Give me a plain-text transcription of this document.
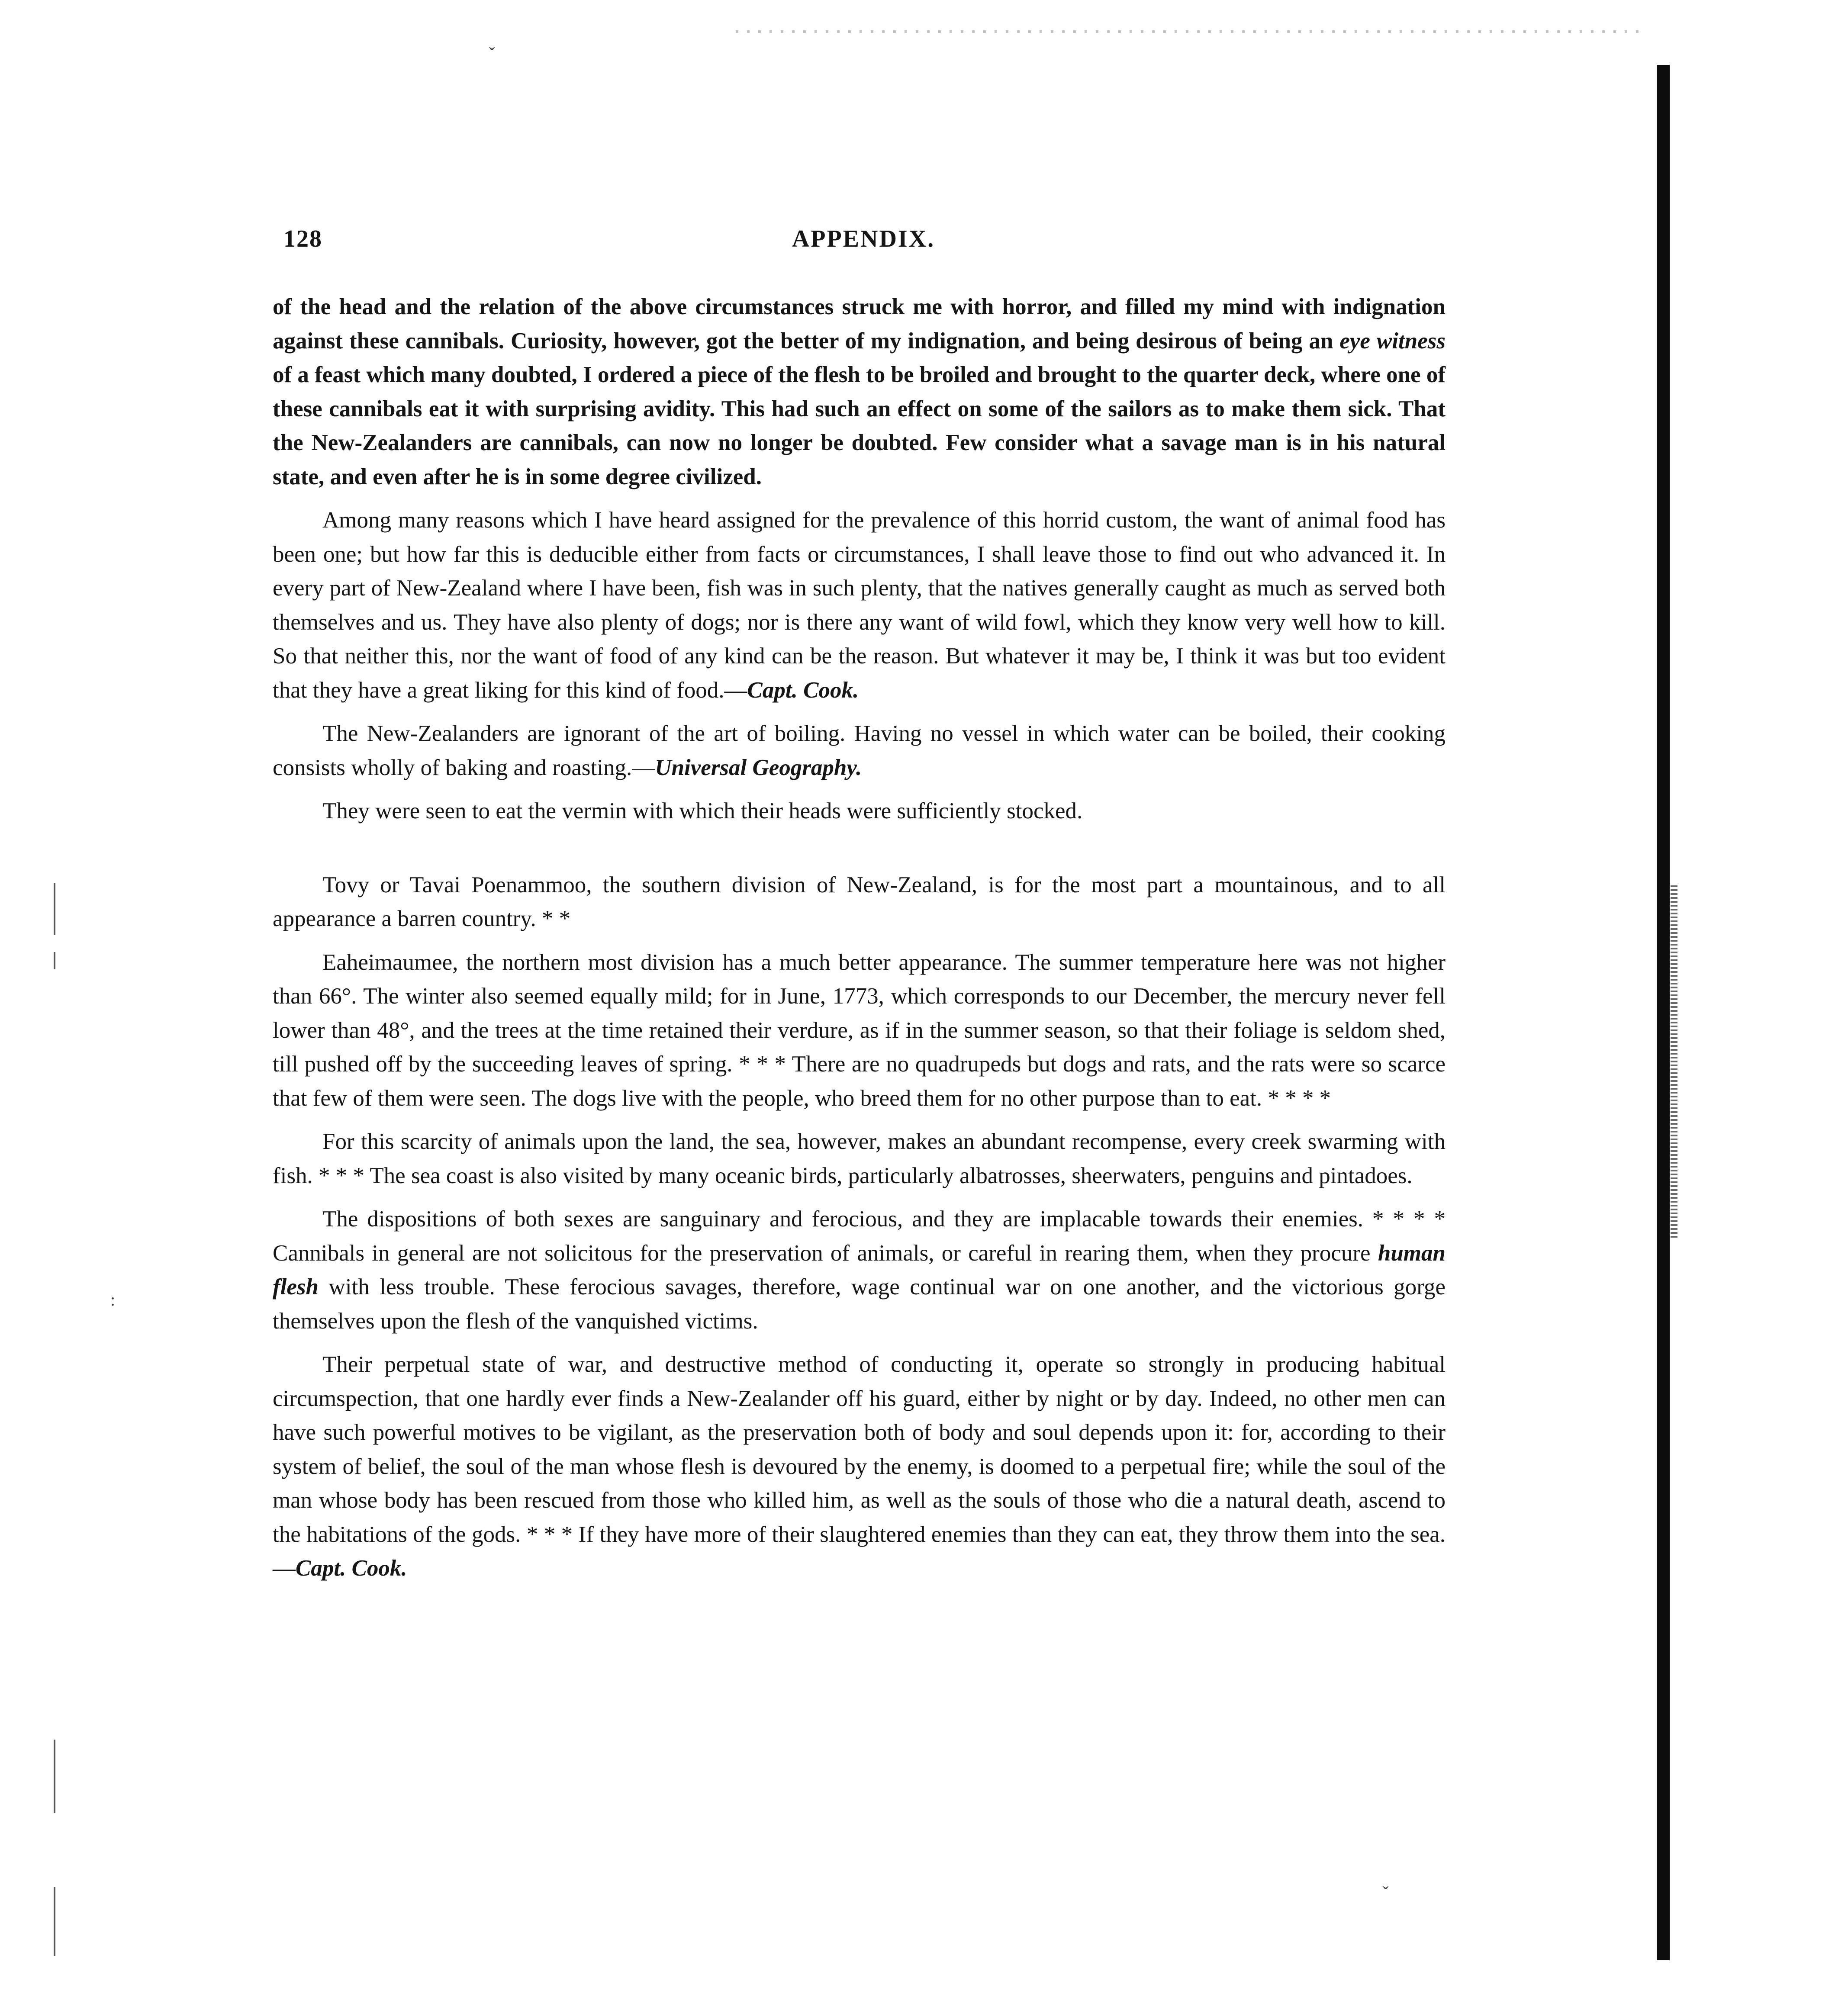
ˇ
:
ˇ
128	APPENDIX.

of the head and the relation of the above circumstances struck me with horror, and filled my mind with indignation against these cannibals. Curiosity, however, got the better of my indignation, and being desirous of being an eye witness of a feast which many doubted, I ordered a piece of the flesh to be broiled and brought to the quarter deck, where one of these cannibals eat it with surprising avidity. This had such an effect on some of the sailors as to make them sick. That the New-Zealanders are cannibals, can now no longer be doubted. Few consider what a savage man is in his natural state, and even after he is in some degree civilized.

Among many reasons which I have heard assigned for the prevalence of this horrid custom, the want of animal food has been one; but how far this is deducible either from facts or circumstances, I shall leave those to find out who advanced it. In every part of New-Zealand where I have been, fish was in such plenty, that the natives generally caught as much as served both themselves and us. They have also plenty of dogs; nor is there any want of wild fowl, which they know very well how to kill. So that neither this, nor the want of food of any kind can be the reason. But whatever it may be, I think it was but too evident that they have a great liking for this kind of food.—Capt. Cook.

The New-Zealanders are ignorant of the art of boiling. Having no vessel in which water can be boiled, their cooking consists wholly of baking and roasting.—Universal Geography.

They were seen to eat the vermin with which their heads were sufficiently stocked.

Tovy or Tavai Poenammoo, the southern division of New-Zealand, is for the most part a mountainous, and to all appearance a barren country. * *

Eaheimaumee, the northern most division has a much better appearance. The summer temperature here was not higher than 66°. The winter also seemed equally mild; for in June, 1773, which corresponds to our December, the mercury never fell lower than 48°, and the trees at the time retained their verdure, as if in the summer season, so that their foliage is seldom shed, till pushed off by the succeeding leaves of spring. * * * There are no quadrupeds but dogs and rats, and the rats were so scarce that few of them were seen. The dogs live with the people, who breed them for no other purpose than to eat. * * * *

For this scarcity of animals upon the land, the sea, however, makes an abundant recompense, every creek swarming with fish. * * * The sea coast is also visited by many oceanic birds, particularly albatrosses, sheerwaters, penguins and pintadoes.

The dispositions of both sexes are sanguinary and ferocious, and they are implacable towards their enemies. * * * * Cannibals in general are not solicitous for the preservation of animals, or careful in rearing them, when they procure human flesh with less trouble. These ferocious savages, therefore, wage continual war on one another, and the victorious gorge themselves upon the flesh of the vanquished victims.

Their perpetual state of war, and destructive method of conducting it, operate so strongly in producing habitual circumspection, that one hardly ever finds a New-Zealander off his guard, either by night or by day. Indeed, no other men can have such powerful motives to be vigilant, as the preservation both of body and soul depends upon it: for, according to their system of belief, the soul of the man whose flesh is devoured by the enemy, is doomed to a perpetual fire; while the soul of the man whose body has been rescued from those who killed him, as well as the souls of those who die a natural death, ascend to the habitations of the gods. * * * If they have more of their slaughtered enemies than they can eat, they throw them into the sea.—Capt. Cook.
